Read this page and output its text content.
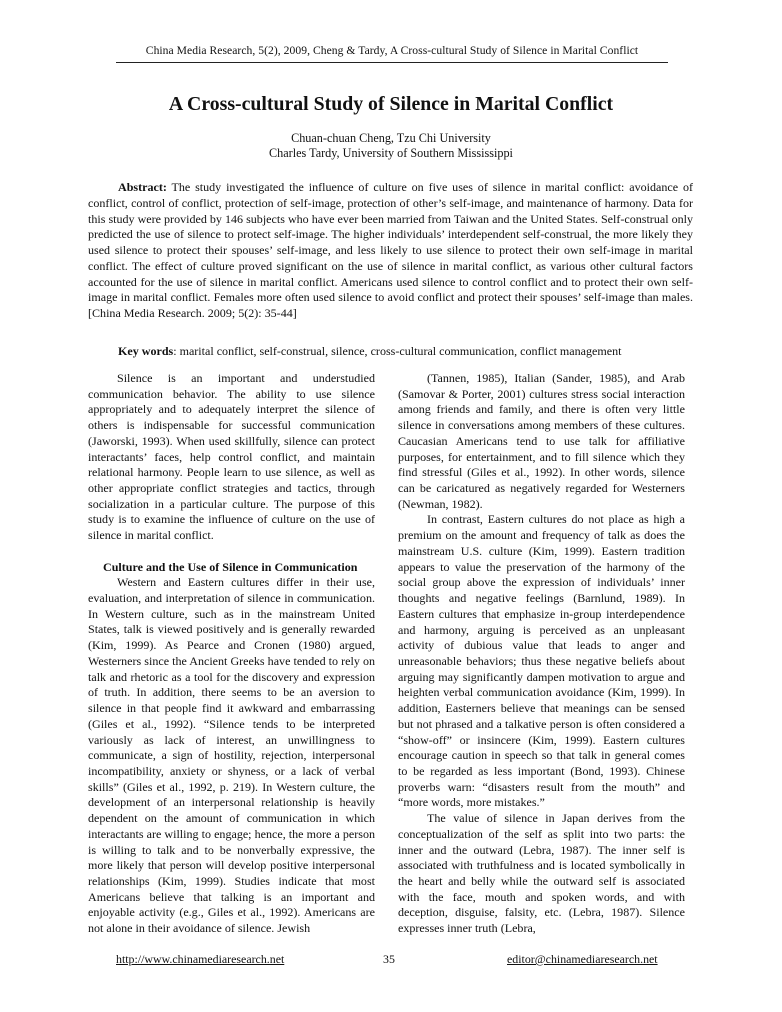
China Media Research, 5(2), 2009, Cheng & Tardy, A Cross-cultural Study of Silence in Marital Conflict
A Cross-cultural Study of Silence in Marital Conflict
Chuan-chuan Cheng, Tzu Chi University
Charles Tardy, University of Southern Mississippi
Abstract: The study investigated the influence of culture on five uses of silence in marital conflict: avoidance of conflict, control of conflict, protection of self-image, protection of other’s self-image, and maintenance of harmony. Data for this study were provided by 146 subjects who have ever been married from Taiwan and the United States. Self-construal only predicted the use of silence to protect self-image. The higher individuals’ interdependent self-construal, the more likely they used silence to protect their spouses’ self-image, and less likely to use silence to protect their own self-image in marital conflict. The effect of culture proved significant on the use of silence in marital conflict, as various other cultural factors accounted for the use of silence in marital conflict. Americans used silence to control conflict and to protect their own self-image in marital conflict. Females more often used silence to avoid conflict and protect their spouses’ self-image than males. [China Media Research. 2009; 5(2): 35-44]
Key words: marital conflict, self-construal, silence, cross-cultural communication, conflict management

Silence is an important and understudied communication behavior. The ability to use silence appropriately and to adequately interpret the silence of others is indispensable for successful communication (Jaworski, 1993). When used skillfully, silence can protect interactants’ faces, help control conflict, and maintain relational harmony. People learn to use silence, as well as other appropriate conflict strategies and tactics, through socialization in a particular culture. The purpose of this study is to examine the influence of culture on the use of silence in marital conflict.

Culture and the Use of Silence in Communication

Western and Eastern cultures differ in their use, evaluation, and interpretation of silence in communication. In Western culture, such as in the mainstream United States, talk is viewed positively and is generally rewarded (Kim, 1999). As Pearce and Cronen (1980) argued, Westerners since the Ancient Greeks have tended to rely on talk and rhetoric as a tool for the discovery and expression of truth. In addition, there seems to be an aversion to silence in that people find it awkward and embarrassing (Giles et al., 1992). “Silence tends to be interpreted variously as lack of interest, an unwillingness to communicate, a sign of hostility, rejection, interpersonal incompatibility, anxiety or shyness, or a lack of verbal skills” (Giles et al., 1992, p. 219). In Western culture, the development of an interpersonal relationship is heavily dependent on the amount of communication in which interactants are willing to engage; hence, the more a person is willing to talk and to be nonverbally expressive, the more likely that person will develop positive interpersonal relationships (Kim, 1999). Studies indicate that most Americans believe that talking is an important and enjoyable activity (e.g., Giles et al., 1992). Americans are not alone in their avoidance of silence. Jewish

(Tannen, 1985), Italian (Sander, 1985), and Arab (Samovar & Porter, 2001) cultures stress social interaction among friends and family, and there is often very little silence in conversations among members of these cultures. Caucasian Americans tend to use talk for affiliative purposes, for entertainment, and to fill silence which they find stressful (Giles et al., 1992). In other words, silence can be caricatured as negatively regarded for Westerners (Newman, 1982).

In contrast, Eastern cultures do not place as high a premium on the amount and frequency of talk as does the mainstream U.S. culture (Kim, 1999). Eastern tradition appears to value the preservation of the harmony of the social group above the expression of individuals’ inner thoughts and negative feelings (Barnlund, 1989). In Eastern cultures that emphasize in-group interdependence and harmony, arguing is perceived as an unpleasant activity of dubious value that leads to anger and unreasonable behaviors; thus these negative beliefs about arguing may significantly dampen motivation to argue and heighten verbal communication avoidance (Kim, 1999). In addition, Easterners believe that meanings can be sensed but not phrased and a talkative person is often considered a “show-off” or insincere (Kim, 1999). Eastern cultures encourage caution in speech so that talk in general comes to be regarded as less important (Bond, 1993). Chinese proverbs warn: “disasters result from the mouth” and “more words, more mistakes.”

The value of silence in Japan derives from the conceptualization of the self as split into two parts: the inner and the outward (Lebra, 1987). The inner self is associated with truthfulness and is located symbolically in the heart and belly while the outward self is associated with the face, mouth and spoken words, and with deception, disguise, falsity, etc. (Lebra, 1987). Silence expresses inner truth (Lebra,

http://www.chinamediaresearch.net	35	editor@chinamediaresearch.net
